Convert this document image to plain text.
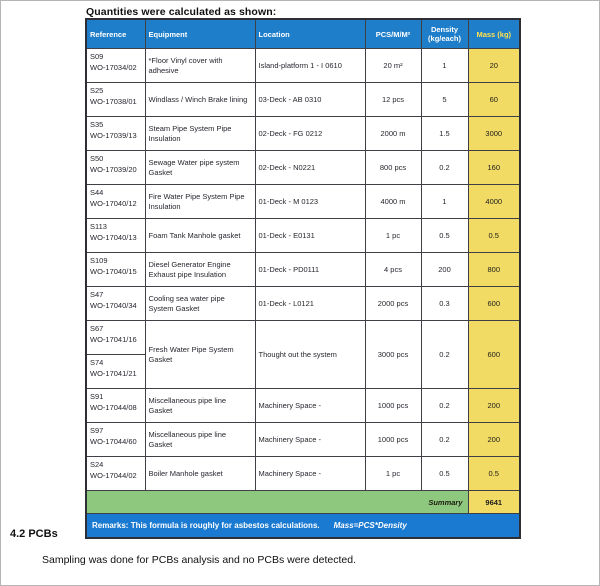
Quantities were calculated as shown:
Reference	Equipment	Location	PCS/M/M²	Density (kg/each)	Mass (kg)

S09
WO-17034/02	*Floor Vinyl cover with adhesive	Island-platform 1 - I 0610	20 m²	1	20

S25
WO-17038/01	Windlass / Winch Brake lining	03-Deck - AB 0310	12 pcs	5	60

S35
WO-17039/13	Steam Pipe System Pipe Insulation	02-Deck - FG 0212	2000 m	1.5	3000

S50
WO-17039/20	Sewage Water pipe system Gasket	02-Deck - N0221	800 pcs	0.2	160

S44
WO-17040/12	Fire Water Pipe System Pipe Insulation	01-Deck - M 0123	4000 m	1	4000

S113
WO-17040/13	Foam Tank Manhole gasket	01-Deck - E0131	1 pc	0.5	0.5

S109
WO-17040/15	Diesel Generator Engine Exhaust pipe Insulation	01-Deck - PD0111	4 pcs	200	800

S47
WO-17040/34	Cooling sea water pipe System Gasket	01-Deck - L0121	2000 pcs	0.3	600

S67
WO-17041/16	Fresh Water Pipe System Gasket	Thought out the system	3000 pcs	0.2	600

S74
WO-17041/21					

S91
WO-17044/08	Miscellaneous pipe line Gasket	Machinery Space -	1000 pcs	0.2	200

S97
WO-17044/60	Miscellaneous pipe line Gasket	Machinery Space -	1000 pcs	0.2	200

S24
WO-17044/02	Boiler Manhole gasket	Machinery Space -	1 pc	0.5	0.5
Summary					9641
Remarks: This formula is roughly for asbestos calculations. Mass=PCS*Density					
4.2 PCBs
Sampling was done for PCBs analysis and no PCBs were detected.
